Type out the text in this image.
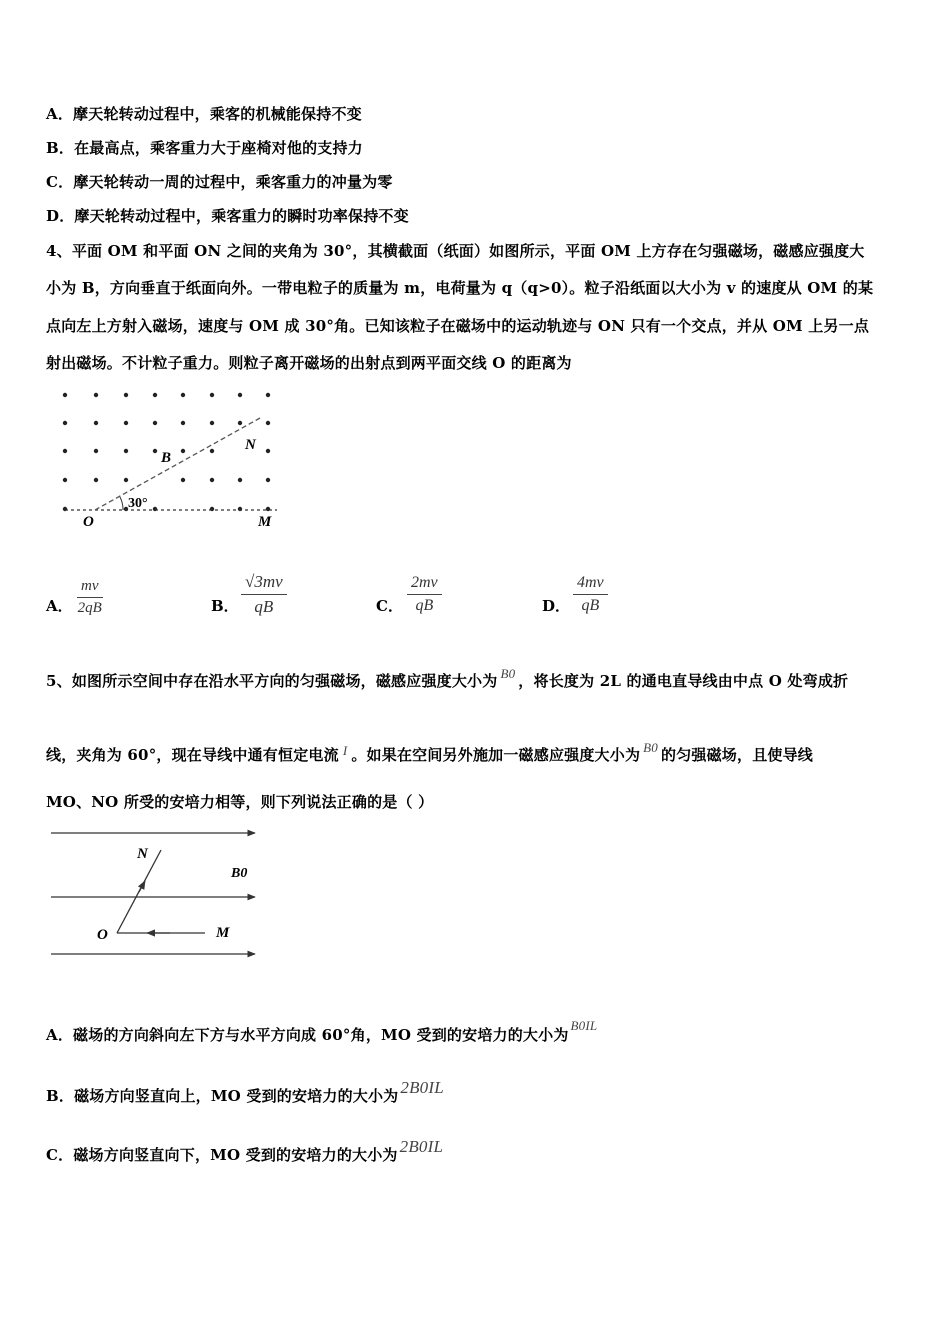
A．摩天轮转动过程中，乘客的机械能保持不变
B．在最高点，乘客重力大于座椅对他的支持力
C．摩天轮转动一周的过程中，乘客重力的冲量为零
D．摩天轮转动过程中，乘客重力的瞬时功率保持不变
4、平面 OM 和平面 ON 之间的夹角为 30°，其横截面（纸面）如图所示，平面 OM 上方存在匀强磁场，磁感应强度大
小为 B，方向垂直于纸面向外。一带电粒子的质量为 m，电荷量为 q（q>0）。粒子沿纸面以大小为 v 的速度从 OM 的某
点向左上方射入磁场，速度与 OM 成 30°角。已知该粒子在磁场中的运动轨迹与 ON 只有一个交点，并从 OM 上另一点
射出磁场。不计粒子重力。则粒子离开磁场的出射点到两平面交线 O 的距离为
O	M
N
B
30°
A． $\frac{mv}{2qB}$	B． $\frac{√3mv}{qB}$	C． $\frac{2mv}{qB}$	D． $\frac{4mv}{qB}$
5、如图所示空间中存在沿水平方向的匀强磁场，磁感应强度大小为 B0 ，将长度为 2L 的通电直导线由中点 O 处弯成折
线，夹角为 60°，现在导线中通有恒定电流 I 。如果在空间另外施加一磁感应强度大小为 B0 的匀强磁场，且使导线
MO、NO 所受的安培力相等，则下列说法正确的是（ ）
N
B0
O	M
A．磁场的方向斜向左下方与水平方向成 60°角，MO 受到的安培力的大小为B0IL
B．磁场方向竖直向上，MO 受到的安培力的大小为 2B0IL
C．磁场方向竖直向下，MO 受到的安培力的大小为 2B0IL
